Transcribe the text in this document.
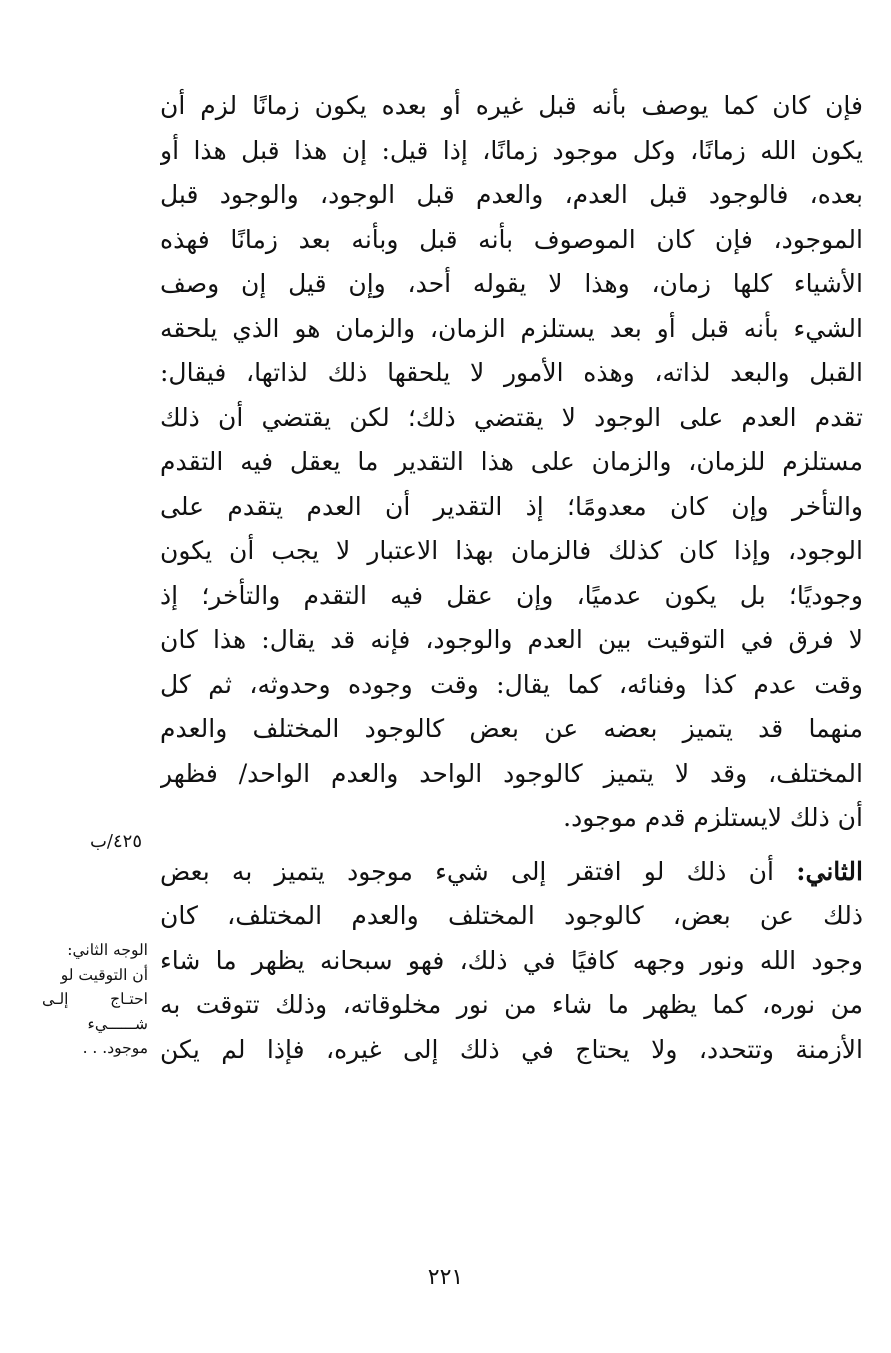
فإن كان كما يوصف بأنه قبل غيره أو بعده يكون زمانًا لزم أن
يكون الله زمانًا، وكل موجود زمانًا، إذا قيل: إن هذا قبل هذا أو
بعده، فالوجود قبل العدم، والعدم قبل الوجود، والوجود قبل
الموجود، فإن كان الموصوف بأنه قبل وبأنه بعد زمانًا فهذه
الأشياء كلها زمان، وهذا لا يقوله أحد، وإن قيل إن وصف
الشيء بأنه قبل أو بعد يستلزم الزمان، والزمان هو الذي يلحقه
القبل والبعد لذاته، وهذه الأمور لا يلحقها ذلك لذاتها، فيقال:
تقدم العدم على الوجود لا يقتضي ذلك؛ لكن يقتضي أن ذلك
مستلزم للزمان، والزمان على هذا التقدير ما يعقل فيه التقدم
والتأخر وإن كان معدومًا؛ إذ التقدير أن العدم يتقدم على
الوجود، وإذا كان كذلك فالزمان بهذا الاعتبار لا يجب أن يكون
وجوديًا؛ بل يكون عدميًا، وإن عقل فيه التقدم والتأخر؛ إذ
لا فرق في التوقيت بين العدم والوجود، فإنه قد يقال: هذا كان
وقت عدم كذا وفنائه، كما يقال: وقت وجوده وحدوثه، ثم كل
منهما قد يتميز بعضه عن بعض كالوجود المختلف والعدم
المختلف، وقد لا يتميز كالوجود الواحد والعدم الواحد/ فظهر
أن ذلك لايستلزم قدم موجود.
الثاني: أن ذلك لو افتقر إلى شيء موجود يتميز به بعض
ذلك عن بعض، كالوجود المختلف والعدم المختلف، كان
وجود الله ونور وجهه كافيًا في ذلك، فهو سبحانه يظهر ما شاء
من نوره، كما يظهر ما شاء من نور مخلوقاته، وذلك تتوقت به
الأزمنة وتتحدد، ولا يحتاج في ذلك إلى غيره، فإذا لم يكن
٤٢٥/ب
الوجه الثاني:
أن التوقيت لو
احتـاج إلـى
شــــــيء
موجود. . .
٢٢١
